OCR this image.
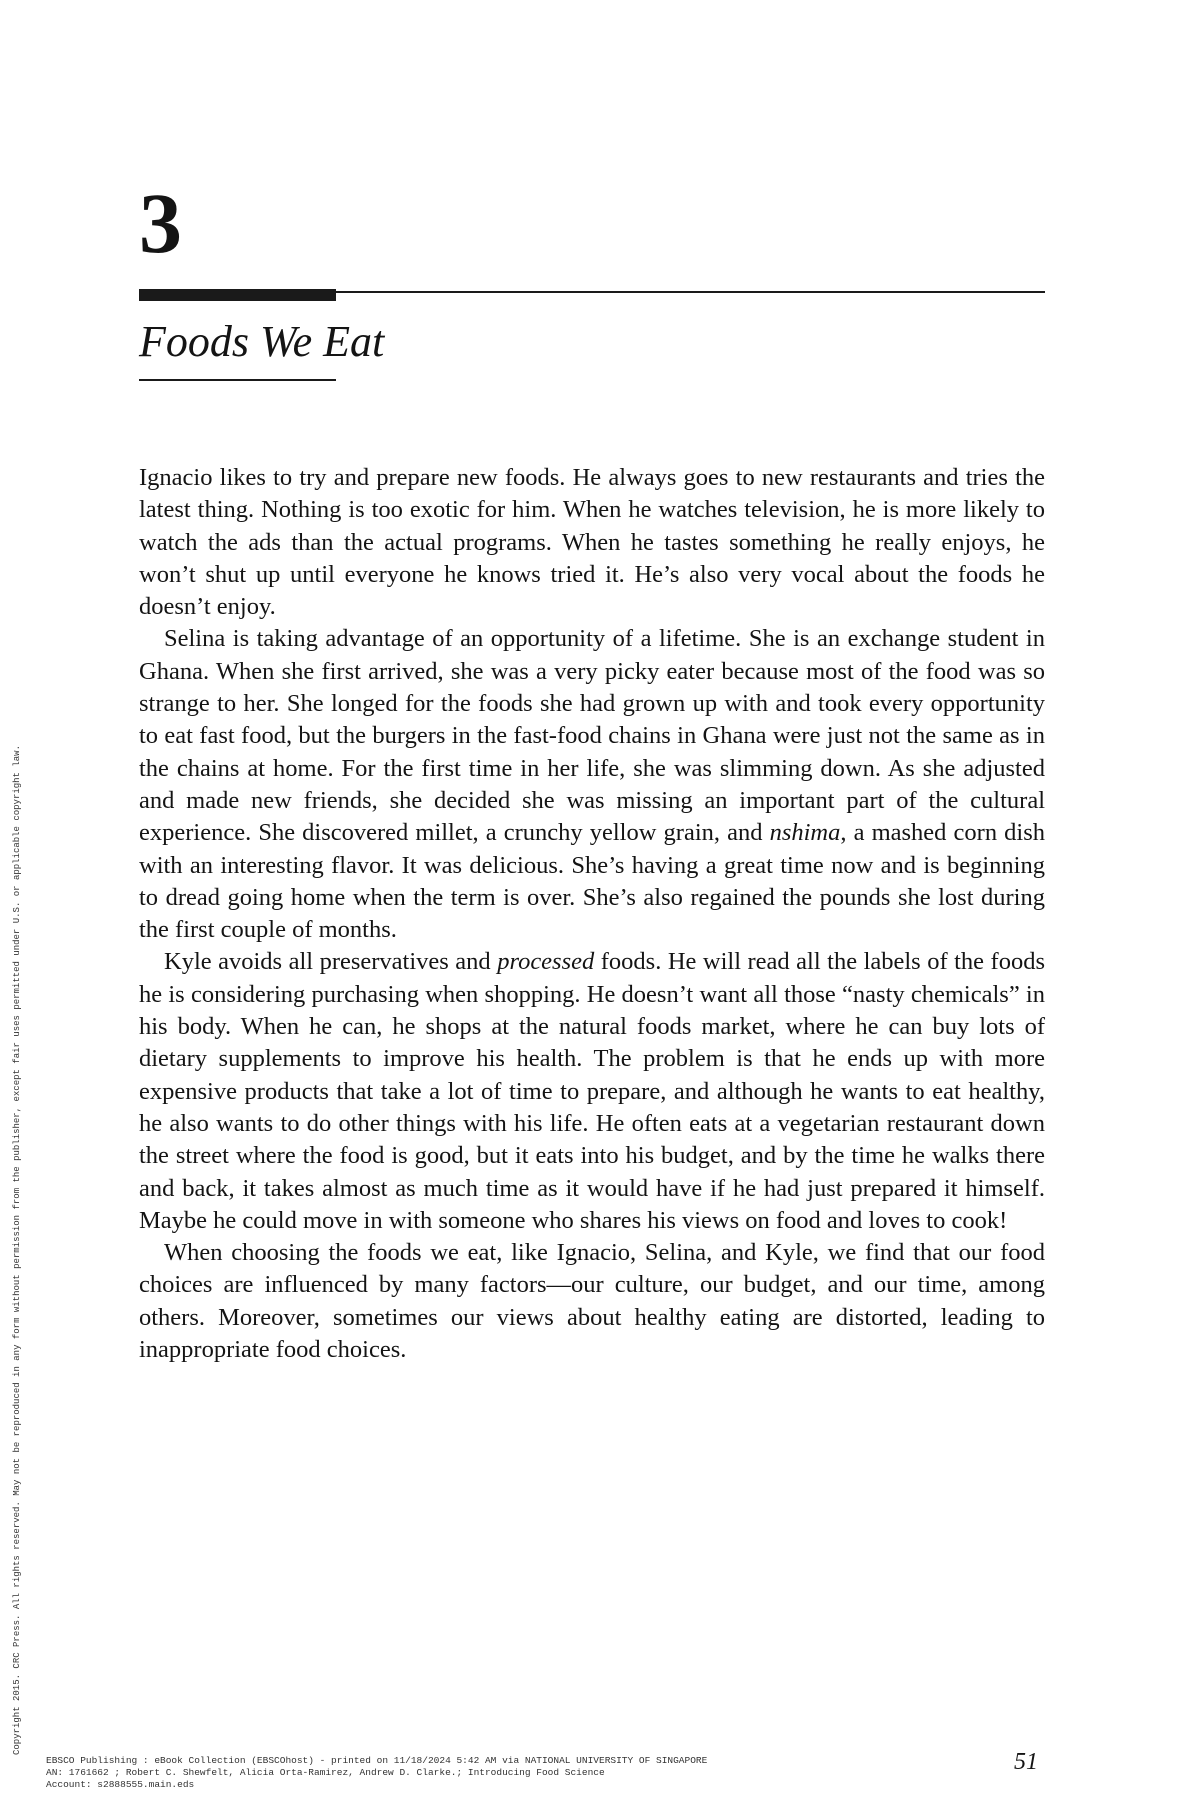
3
Foods We Eat

Ignacio likes to try and prepare new foods. He always goes to new restaurants and tries the latest thing. Nothing is too exotic for him. When he watches television, he is more likely to watch the ads than the actual programs. When he tastes something he really enjoys, he won’t shut up until everyone he knows tried it. He’s also very vocal about the foods he doesn’t enjoy.

Selina is taking advantage of an opportunity of a lifetime. She is an exchange student in Ghana. When she first arrived, she was a very picky eater because most of the food was so strange to her. She longed for the foods she had grown up with and took every opportunity to eat fast food, but the burgers in the fast-food chains in Ghana were just not the same as in the chains at home. For the first time in her life, she was slimming down. As she adjusted and made new friends, she decided she was missing an important part of the cultural experience. She discovered millet, a crunchy yellow grain, and nshima, a mashed corn dish with an interesting flavor. It was delicious. She’s having a great time now and is beginning to dread going home when the term is over. She’s also regained the pounds she lost during the first couple of months.

Kyle avoids all preservatives and processed foods. He will read all the labels of the foods he is considering purchasing when shopping. He doesn’t want all those “nasty chemicals” in his body. When he can, he shops at the natural foods market, where he can buy lots of dietary supplements to improve his health. The problem is that he ends up with more expensive products that take a lot of time to prepare, and although he wants to eat healthy, he also wants to do other things with his life. He often eats at a vegetarian restaurant down the street where the food is good, but it eats into his budget, and by the time he walks there and back, it takes almost as much time as it would have if he had just prepared it himself. Maybe he could move in with someone who shares his views on food and loves to cook!

When choosing the foods we eat, like Ignacio, Selina, and Kyle, we find that our food choices are influenced by many factors—our culture, our budget, and our time, among others. Moreover, sometimes our views about healthy eating are distorted, leading to inappropriate food choices.

Copyright 2015. CRC Press. All rights reserved. May not be reproduced in any form without permission from the publisher, except fair uses permitted under U.S. or applicable copyright law.
EBSCO Publishing : eBook Collection (EBSCOhost) - printed on 11/18/2024 5:42 AM via NATIONAL UNIVERSITY OF SINGAPORE
AN: 1761662 ; Robert C. Shewfelt, Alicia Orta-Ramirez, Andrew D. Clarke.; Introducing Food Science
Account: s2888555.main.eds
51
